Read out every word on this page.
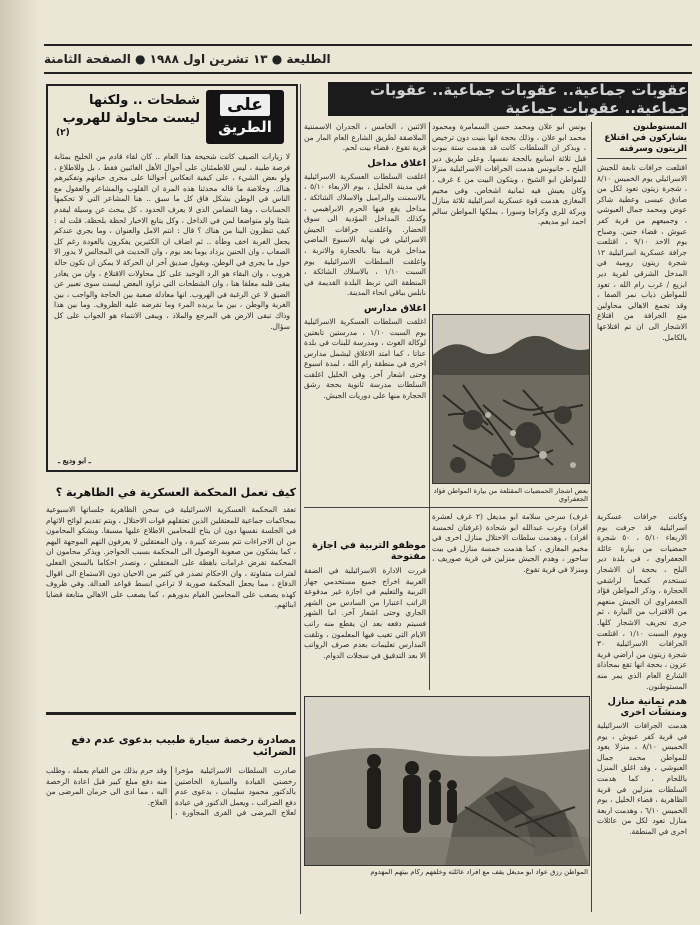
الطليعة ● ١٣ تشرين اول ١٩٨٨ ● الصفحة الثامنة
عقوبات جماعية.. عقوبات جماعية.. عقوبات جماعية.. عقوبات جماعية
المستوطنون يشاركون في اقتلاع الزيتون وسرقته
اقتلعت جرافات تابعة للجيش الاسرائيلي يوم الخميس ٨/١٠ ، شجرة زيتون تعود لكل من صادق عيسى وعطية شاكر عوض ومحمد جمال العبوشي ، وجميعهم من قرية كفر عبوش ، قضاء جنين. وصباح يوم الاحد ٩/١٠ ، اقتلعت جرافة عسكرية اسرائيلية ١٢ شجرة زيتون رومية في المدخل الشرقي لقرية دير ابزيع / غرب رام الله ، تعود للمواطن ذياب نمر الصفا ، وقد تجمع الاهالي محاولين منع الجرافة من اقتلاع الاشجار الى ان تم اقتلاعها بالكامل.
وكانت جرافات عسكرية اسرائيلية قد جرفت يوم الاربعاء ٥/١٠ ، ٥٠ شجرة حمضيات من بيارة عائلة الجعفراوي ، في بلدة دير البلح ، بحجة ان الاشجار تستخدم كمخبأ لراشقي الحجارة ، وذكر المواطن فؤاد الجعفراوي ان الجيش منعهم من الاقتراب من البيارة ، ثم جرى تجريف الاشجار كلها. ويوم السبت ١/١٠ ، اقتلعت الجرافات الاسرائيلية ٣٠ شجرة زيتون من اراضي قرية عزون ، بحجة انها تقع بمحاذاة الشارع العام الذي يمر منه المستوطنون.
هدم ثمانية منازل ومنشآت اخرى
هدمت الجرافات الاسرائيلية في قرية كفر عبوش ، يوم الخميس ٨/١٠ ، منزلا يعود للمواطن محمد جمال العبوشي ، وقد اغلق المنزل باللحام ، كما هدمت السلطات منزلين في قرية الظاهرية ، قضاء الخليل ، يوم الخميس ٦/١٠ ، وهدمت اربعة منازل تعود لكل من عائلات اخرى في المنطقة.
يونس ابو علان ومحمد حسن السمامرة ومحمود محمد ابو علان ، وذلك بحجة انها بنيت دون ترخيص ، ويذكر ان السلطات كانت قد هدمت ستة بيوت قبل ثلاثة اسابيع بالحجة نفسها. وعلى طريق دير البلح ـ خانيونس هدمت الجرافات الاسرائيلية منزلا للمواطن ابو الشيخ ، ويتكون البيت من ٤ غرف ، وكان يعيش فيه ثمانية اشخاص. وفي مخيم المغازي هدمت قوة عسكرية اسرائيلية ثلاثة منازل وبركة للري وكراجا وسورا ، يملكها المواطن سالم احمد ابو مديغم.
الاثنين ، الخامس ، الجدران الاسمنتية الملاصقة لطريق الشارع العام المار من قرية تقوع ، قضاء بيت لحم.
اغلاق مداخل
اغلقت السلطات العسكرية الاسرائيلية في مدينة الخليل ، يوم الاربعاء ٥/١٠ ، بالاسمنت والبراميل والاسلاك الشائكة ، مداخل يقع فيها الحرم الابراهيمي ، وكذلك المداخل المؤدية الى سوق الخضار. واغلقت جرافات الجيش الاسرائيلي في نهاية الاسبوع الماضي مداخل قرية بيتا بالحجارة والاتربة ، واغلقت السلطات الاسرائيلية يوم السبت ١/١٠ ، بالاسلاك الشائكة ، المنطقة التي تربط البلدة القديمة في نابلس بباقي انحاء المدينة.
اغلاق مدارس
اغلقت السلطات العسكرية الاسرائيلية يوم السبت ١/١٠ ، مدرستين تابعتين لوكالة الغوث ، ومدرسة للبنات في بلدة عناتا ، كما امتد الاغلاق ليشمل مدارس اخرى في منطقة رام الله ، لمدة اسبوع وحتى اشعار آخر. وفي الخليل اغلقت السلطات مدرسة ثانوية بحجة رشق الحجارة منها على دوريات الجيش.
بعض اشجار الحمضيات المقتلعة من بيارة المواطن فؤاد الجعفراوي
غرف) سرحي سلامة ابو مديغل (٢ غرف لعشرة افراد) وعرب عبدالله ابو شحادة (غرفتان لخمسة افراد) ، وهدمت سلطات الاحتلال منازل اخرى في مخيم المغازي ، كما هدمت خمسة منازل في بيت ساحور ، وهدم الجيش منزلين في قرية صوريف ، ومنزلا في قرية تقوع.
موظفو التربية في اجازة مفتوحة
قررت الادارة الاسرائيلية في الضفة الغربية اخراج جميع مستخدمي جهاز التربية والتعليم في اجازة غير مدفوعة الراتب اعتبارا من السادس من الشهر الجاري وحتى اشعار آخر. اما الشهر فسيتم دفعه بعد ان يقطع منه راتب الايام التي تغيب فيها المعلمون ، وتلقت المدارس تعليمات بعدم صرف الرواتب الا بعد التدقيق في سجلات الدوام.
المواطن رزق عواد ابو مديغل يقف مع افراد عائلته وخلفهم ركام بيتهم المهدوم
على
الطريق
شطحات .. ولكنها ليست محاولة للهروب
(٢)
لا زيارات الصيف كانت شحيحة هذا العام .. كان لقاء قادم من الخليج بمثابة فرصة طيبة ، ليس للاطمئنان على أحوال الأهل الغائبين فقط ، بل وللاطلاع ، ولو بعض الشيء ، على كيفية انعكاس أحوالنا على مجرى حياتهم وتفكيرهم هناك. وخلاصة ما قاله محدثنا هذه المرة ان القلوب والمشاعر والعقول مع الناس في الوطن بشكل فاق كل ما سبق .. هنا المشاعر التي لا تحكمها الحسابات ، وهنا التضامن الذي لا يعرف الحدود ، كل يبحث عن وسيلة ليقدم شيئا ولو متواضعا لمن في الداخل ، وكل يتابع الاخبار لحظة بلحظة. قلت له : كيف تنظرون الينا من هناك ؟ قال : انتم الامل والعنوان ، وما يجري عندكم يجعل الغربة اخف وطأة .. ثم اضاف ان الكثيرين يفكرون بالعودة رغم كل الصعاب ، وان الحنين يزداد يوما بعد يوم ، وان الحديث في المجالس لا يدور الا حول ما يجري في الوطن. ويقول صديق آخر ان الحركة لا يمكن ان تكون حالة هروب ، وان البقاء هو الرد الوحيد على كل محاولات الاقتلاع ، وان من يغادر يبقى قلبه معلقا هنا ، وان الشطحات التي تراود البعض ليست سوى تعبير عن الضيق لا عن الرغبة في الهروب. انها معادلة صعبة بين الحاجة والواجب ، بين الغربة والوطن ، بين ما يريده المرء وما تفرضه عليه الظروف. وما بين هذا وذاك تبقى الارض هي المرجع والملاذ ، ويبقى الانتماء هو الجواب على كل سؤال.
ـ ابو وديع ـ
كيف تعمل المحكمة العسكرية في الظاهرية ؟
تعقد المحكمة العسكرية الاسرائيلية في سجن الظاهرية جلساتها الاسبوعية بمحاكمات جماعية للمعتقلين الذين تعتقلهم قوات الاحتلال ، ويتم تقديم لوائح الاتهام في الجلسة نفسها دون ان يتاح للمحامين الاطلاع عليها مسبقا. ويشكو المحامون من ان الاجراءات تتم بسرعة كبيرة ، وان المعتقلين لا يعرفون التهم الموجهة اليهم ، كما يشكون من صعوبة الوصول الى المحكمة بسبب الحواجز. ويذكر محامون ان المحكمة تفرض غرامات باهظة على المعتقلين ، وتصدر احكاما بالسجن الفعلي لفترات متفاوتة ، وان الاحكام تصدر في كثير من الاحيان دون الاستماع الى اقوال الدفاع ، مما يجعل المحكمة صورية لا تراعي ابسط قواعد العدالة. وفي ظروف كهذه يصعب على المحامين القيام بدورهم ، كما يصعب على الاهالي متابعة قضايا ابنائهم.
مصادرة رخصة سيارة طبيب بدعوى عدم دفع الضرائب
صادرت السلطات الاسرائيلية مؤخرا رخصتي القيادة والسيارة الخاصتين بالدكتور محمود سليمان ، بدعوى عدم دفع الضرائب ، ويعمل الدكتور في عيادة لعلاج المرضى في القرى المجاورة ، وقد حرم بذلك من القيام بعمله ، وطلب منه دفع مبلغ كبير قبل اعادة الرخصة اليه ، مما ادى الى حرمان المرضى من العلاج.
